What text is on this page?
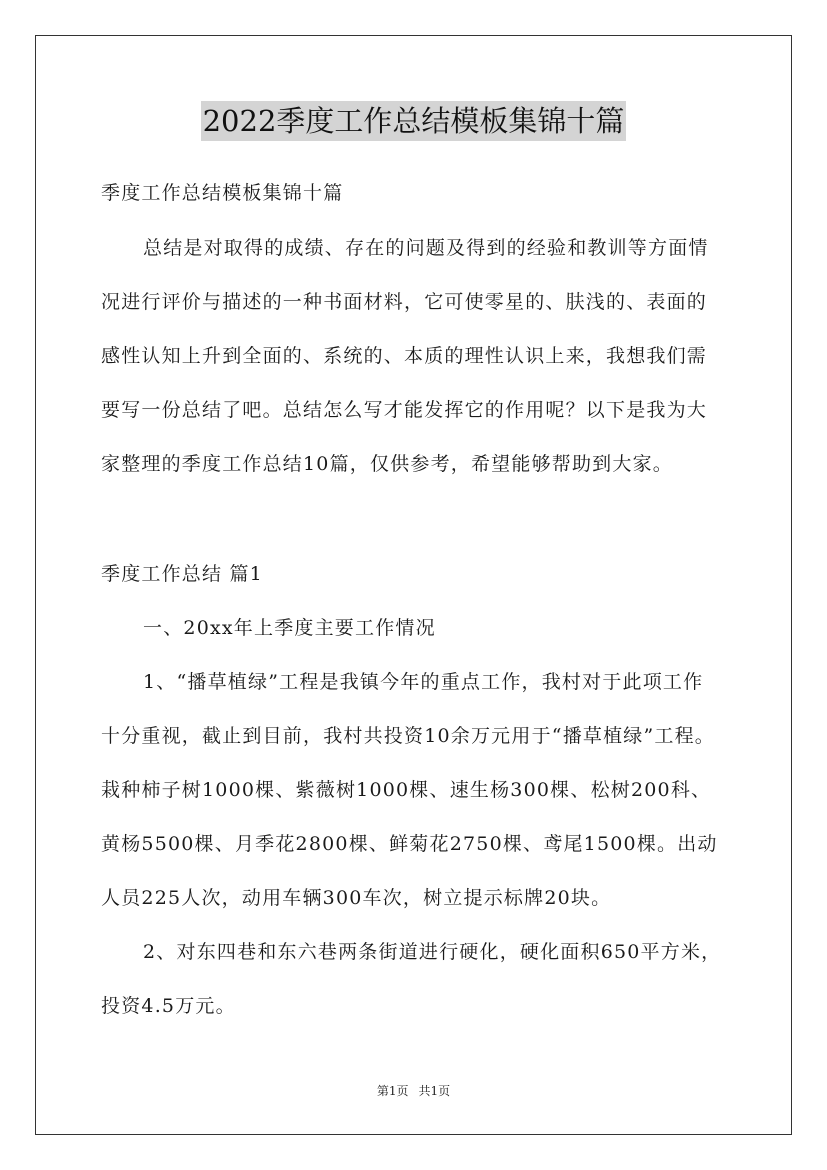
2022季度工作总结模板集锦十篇
季度工作总结模板集锦十篇
总结是对取得的成绩、存在的问题及得到的经验和教训等方面情
况进行评价与描述的一种书面材料，它可使零星的、肤浅的、表面的
感性认知上升到全面的、系统的、本质的理性认识上来，我想我们需
要写一份总结了吧。总结怎么写才能发挥它的作用呢？以下是我为大
家整理的季度工作总结10篇，仅供参考，希望能够帮助到大家。
季度工作总结 篇1
一、20xx年上季度主要工作情况
1、“播草植绿”工程是我镇今年的重点工作，我村对于此项工作
十分重视，截止到目前，我村共投资10余万元用于“播草植绿”工程。
栽种柿子树1000棵、紫薇树1000棵、速生杨300棵、松树200科、
黄杨5500棵、月季花2800棵、鲜菊花2750棵、鸢尾1500棵。出动
人员225人次，动用车辆300车次，树立提示标牌20块。
2、对东四巷和东六巷两条街道进行硬化，硬化面积650平方米，
投资4.5万元。
第1页 共1页
